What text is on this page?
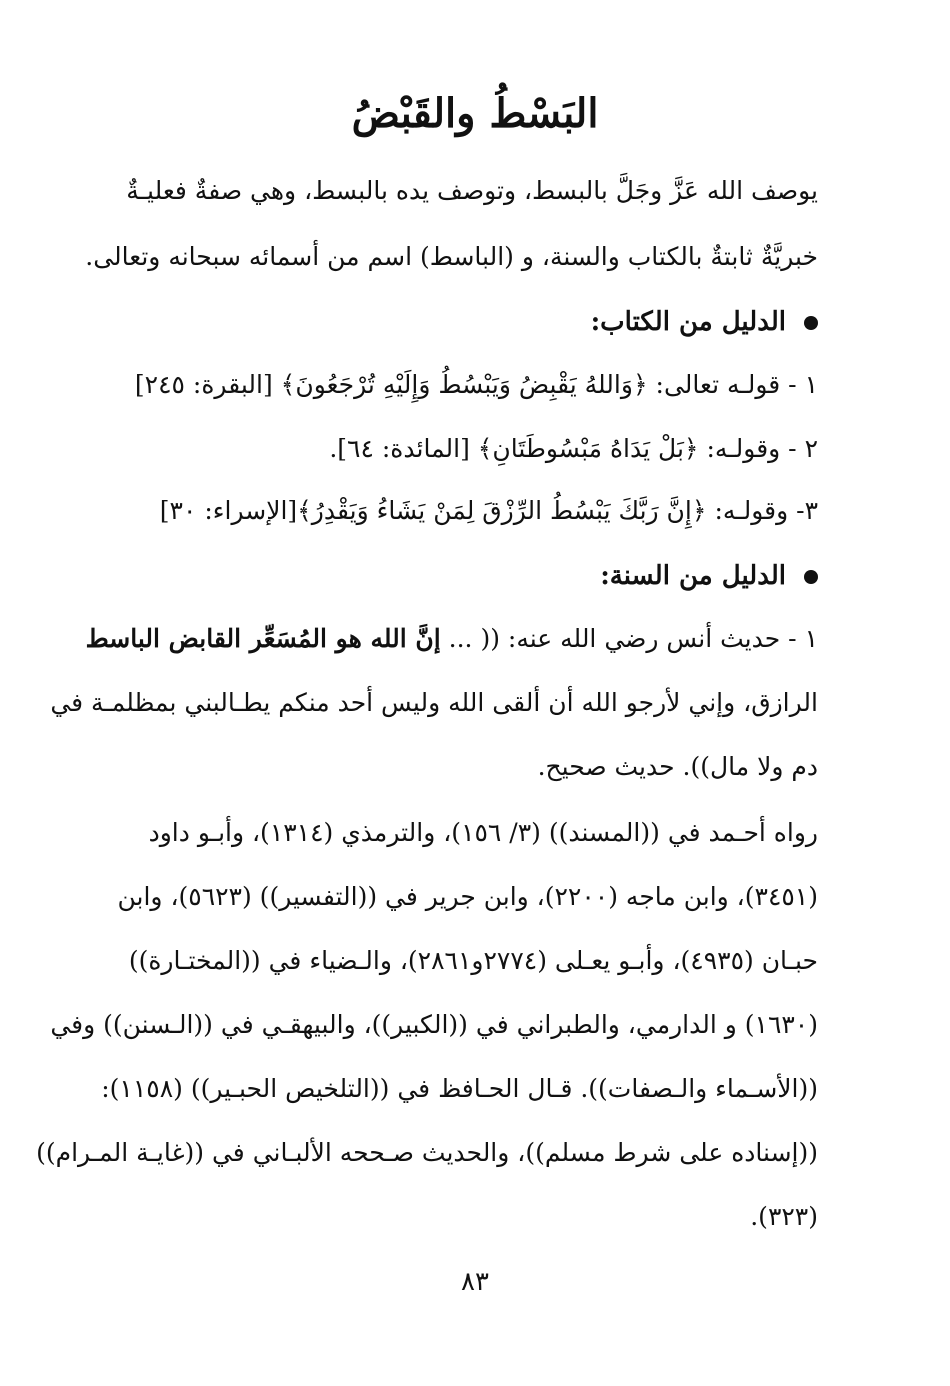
البَسْطُ والقَبْضُ
يوصف الله عَزَّ وجَلَّ بالبسط، وتوصف يده بالبسط، وهي صفةٌ فعليـةٌ
خبريَّةٌ ثابتةٌ بالكتاب والسنة، و (الباسط) اسم من أسمائه سبحانه وتعالى.
الدليل من الكتاب:
١ - قولـه تعالى: ﴿وَاللهُ يَقْبِضُ وَيَبْسُطُ وَإِلَيْهِ تُرْجَعُونَ﴾ [البقرة: ٢٤٥]
٢ - وقولـه: ﴿بَلْ يَدَاهُ مَبْسُوطَتَانِ﴾ [المائدة: ٦٤].
٣- وقولـه: ﴿إِنَّ رَبَّكَ يَبْسُطُ الرِّزْقَ لِمَنْ يَشَاءُ وَيَقْدِرُ﴾[الإسراء: ٣٠]
الدليل من السنة:
١ - حديث أنس رضي الله عنه: (( ... إنَّ الله هو المُسَعِّر القابض الباسط
الرازق، وإني لأرجو الله أن ألقى الله وليس أحد منكم يطـالبني بمظلمـة في
دم ولا مال)). حديث صحيح.
رواه أحـمد في ((المسند)) (٣/ ١٥٦)، والترمذي (١٣١٤)، وأبـو داود
(٣٤٥١)، وابن ماجه (٢٢٠٠)، وابن جرير في ((التفسير)) (٥٦٢٣)، وابن
حبـان (٤٩٣٥)، وأبـو يعـلى (٢٧٧٤و٢٨٦١)، والـضياء في ((المختـارة))
(١٦٣٠) و الدارمي، والطبراني في ((الكبير))، والبيهقـي في ((الـسنن)) وفي
((الأسـماء والـصفات)). قـال الحـافظ في ((التلخيص الحبـير)) (١١٥٨):
((إسناده على شرط مسلم))، والحديث صـححه الألبـاني في ((غايـة المـرام))
(٣٢٣).
٨٣
